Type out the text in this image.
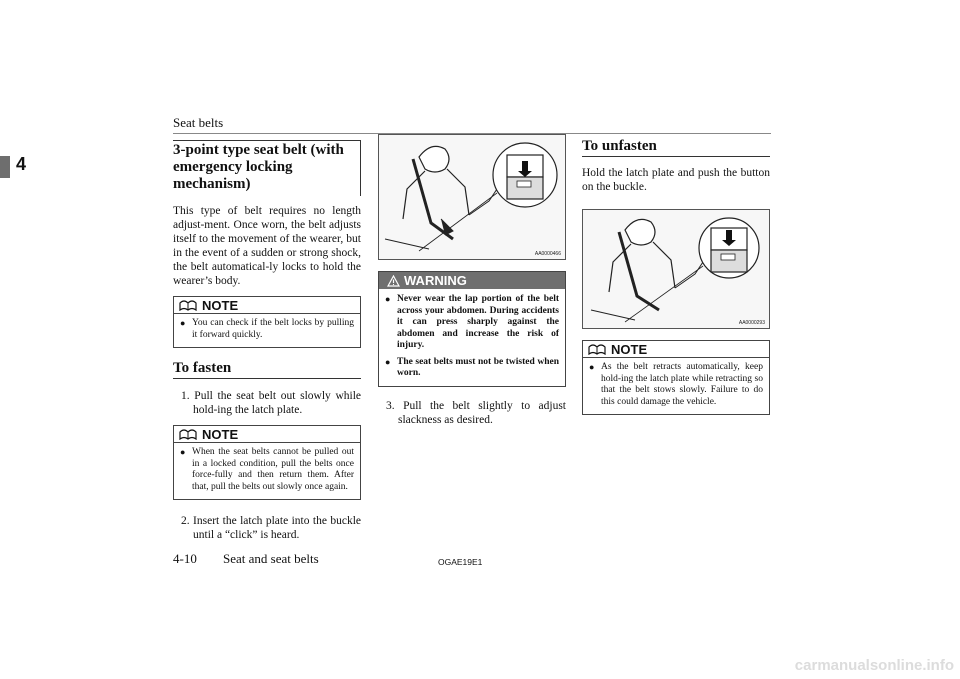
Seat belts
4
3-point type seat belt (with emergency locking mechanism)
This type of belt requires no length adjust-ment. Once worn, the belt adjusts itself to the movement of the wearer, but in the event of a sudden or strong shock, the belt automatical-ly locks to hold the wearer’s body.
NOTE
● You can check if the belt locks by pulling it forward quickly.
To fasten
1. Pull the seat belt out slowly while hold-ing the latch plate.
NOTE
● When the seat belts cannot be pulled out in a locked condition, pull the belts once force-fully and then return them. After that, pull the belts out slowly once again.
2. Insert the latch plate into the buckle until a “click” is heard.
AA0000466
WARNING
● Never wear the lap portion of the belt across your abdomen. During accidents it can press sharply against the abdomen and increase the risk of injury.
● The seat belts must not be twisted when worn.
3. Pull the belt slightly to adjust slackness as desired.
To unfasten
Hold the latch plate and push the button on the buckle.
AA0000293
NOTE
● As the belt retracts automatically, keep hold-ing the latch plate while retracting so that the belt stows slowly. Failure to do this could damage the vehicle.
4-10 Seat and seat belts	OGAE19E1
carmanualsonline.info
